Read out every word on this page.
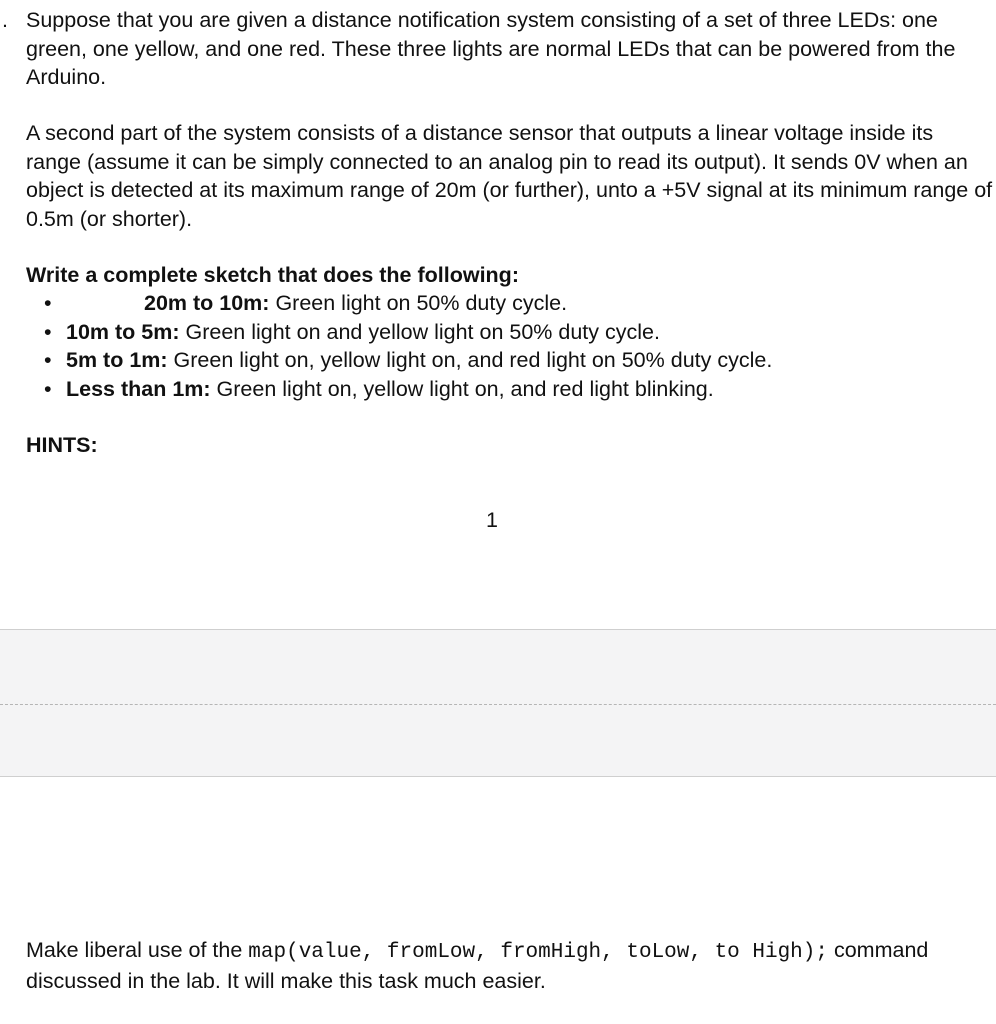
. Suppose that you are given a distance notification system consisting of a set of three LEDs: one green, one yellow, and one red. These three lights are normal LEDs that can be powered from the Arduino.

A second part of the system consists of a distance sensor that outputs a linear voltage inside its range (assume it can be simply connected to an analog pin to read its output). It sends 0V when an object is detected at its maximum range of 20m (or further), unto a +5V signal at its minimum range of 0.5m (or shorter).

Write a complete sketch that does the following:

•	20m to 10m: Green light on 50% duty cycle.
• 10m to 5m: Green light on and yellow light on 50% duty cycle.
• 5m to 1m: Green light on, yellow light on, and red light on 50% duty cycle.
• Less than 1m: Green light on, yellow light on, and red light blinking.

HINTS:

1

Make liberal use of the map(value, fromLow, fromHigh, toLow, to High); command discussed in the lab. It will make this task much easier.
